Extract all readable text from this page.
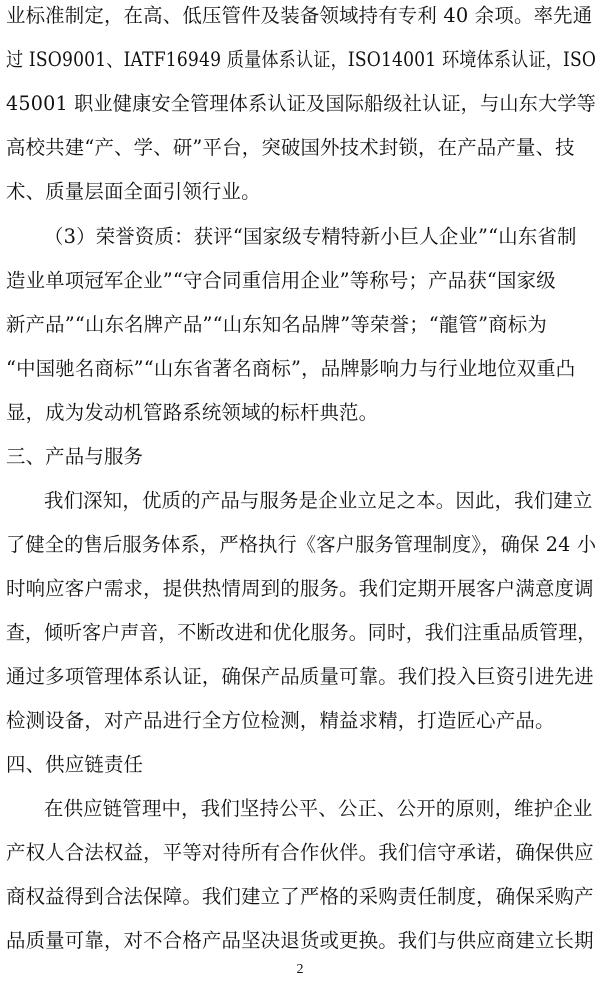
业标准制定，在高、低压管件及装备领域持有专利 40 余项。率先通
过 ISO9001、IATF16949 质量体系认证，ISO14001 环境体系认证，ISO
45001 职业健康安全管理体系认证及国际船级社认证，与山东大学等
高校共建“产、学、研”平台，突破国外技术封锁，在产品产量、技
术、质量层面全面引领行业。
（3）荣誉资质：获评“国家级专精特新小巨人企业”“山东省制
造业单项冠军企业”“守合同重信用企业”等称号；产品获“国家级
新产品”“山东名牌产品”“山东知名品牌”等荣誉；“龍管”商标为
“中国驰名商标”“山东省著名商标”，品牌影响力与行业地位双重凸
显，成为发动机管路系统领域的标杆典范。
三、产品与服务
我们深知，优质的产品与服务是企业立足之本。因此，我们建立
了健全的售后服务体系，严格执行《客户服务管理制度》，确保 24 小
时响应客户需求，提供热情周到的服务。我们定期开展客户满意度调
查，倾听客户声音，不断改进和优化服务。同时，我们注重品质管理，
通过多项管理体系认证，确保产品质量可靠。我们投入巨资引进先进
检测设备，对产品进行全方位检测，精益求精，打造匠心产品。
四、供应链责任
在供应链管理中，我们坚持公平、公正、公开的原则，维护企业
产权人合法权益，平等对待所有合作伙伴。我们信守承诺，确保供应
商权益得到合法保障。我们建立了严格的采购责任制度，确保采购产
品质量可靠，对不合格产品坚决退货或更换。我们与供应商建立长期
2
